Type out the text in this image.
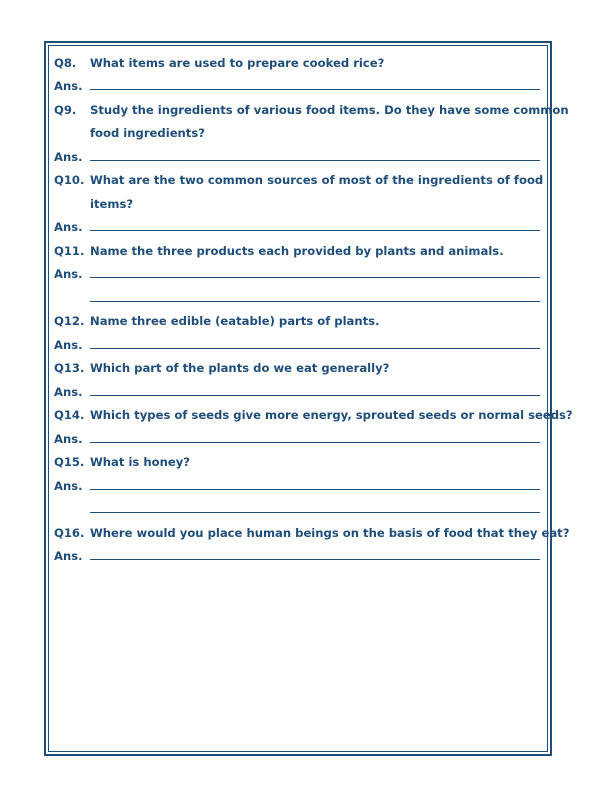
Q8.	What items are used to prepare cooked rice?
Ans.
Q9.	Study the ingredients of various food items. Do they have some common
food ingredients?
Ans.
Q10. What are the two common sources of most of the ingredients of food
items?
Ans.
Q11. Name the three products each provided by plants and animals.
Ans.
Q12. Name three edible (eatable) parts of plants.
Ans.
Q13. Which part of the plants do we eat generally?
Ans.
Q14. Which types of seeds give more energy, sprouted seeds or normal seeds?
Ans.
Q15. What is honey?
Ans.
Q16. Where would you place human beings on the basis of food that they eat?
Ans.
